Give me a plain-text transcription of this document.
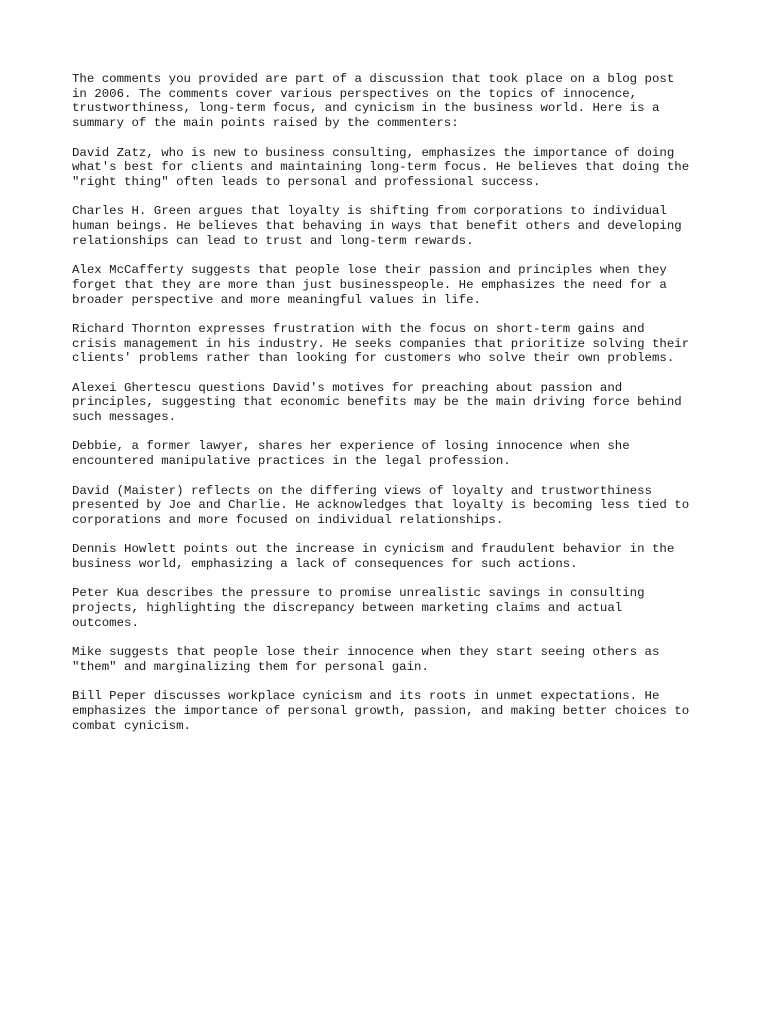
The comments you provided are part of a discussion that took place on a blog post
in 2006. The comments cover various perspectives on the topics of innocence,
trustworthiness, long-term focus, and cynicism in the business world. Here is a
summary of the main points raised by the commenters:

David Zatz, who is new to business consulting, emphasizes the importance of doing
what's best for clients and maintaining long-term focus. He believes that doing the
"right thing" often leads to personal and professional success.

Charles H. Green argues that loyalty is shifting from corporations to individual
human beings. He believes that behaving in ways that benefit others and developing
relationships can lead to trust and long-term rewards.

Alex McCafferty suggests that people lose their passion and principles when they
forget that they are more than just businesspeople. He emphasizes the need for a
broader perspective and more meaningful values in life.

Richard Thornton expresses frustration with the focus on short-term gains and
crisis management in his industry. He seeks companies that prioritize solving their
clients' problems rather than looking for customers who solve their own problems.

Alexei Ghertescu questions David's motives for preaching about passion and
principles, suggesting that economic benefits may be the main driving force behind
such messages.

Debbie, a former lawyer, shares her experience of losing innocence when she
encountered manipulative practices in the legal profession.

David (Maister) reflects on the differing views of loyalty and trustworthiness
presented by Joe and Charlie. He acknowledges that loyalty is becoming less tied to
corporations and more focused on individual relationships.

Dennis Howlett points out the increase in cynicism and fraudulent behavior in the
business world, emphasizing a lack of consequences for such actions.

Peter Kua describes the pressure to promise unrealistic savings in consulting
projects, highlighting the discrepancy between marketing claims and actual
outcomes.

Mike suggests that people lose their innocence when they start seeing others as
"them" and marginalizing them for personal gain.

Bill Peper discusses workplace cynicism and its roots in unmet expectations. He
emphasizes the importance of personal growth, passion, and making better choices to
combat cynicism.
